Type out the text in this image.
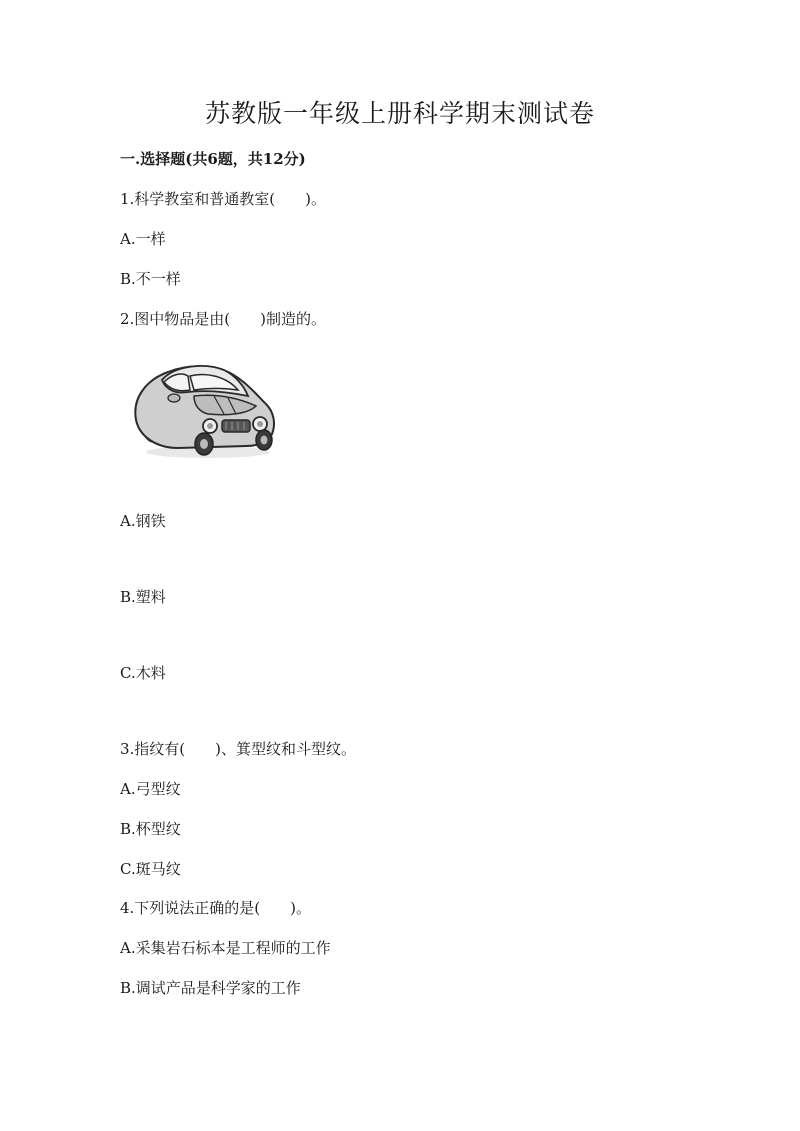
苏教版一年级上册科学期末测试卷
一.选择题(共6题，共12分)
1.科学教室和普通教室(　　)。
A.一样
B.不一样
2.图中物品是由(　　)制造的。
A.钢铁
B.塑料
C.木料
3.指纹有(　　)、箕型纹和斗型纹。
A.弓型纹
B.杯型纹
C.斑马纹
4.下列说法正确的是(　　)。
A.采集岩石标本是工程师的工作
B.调试产品是科学家的工作
